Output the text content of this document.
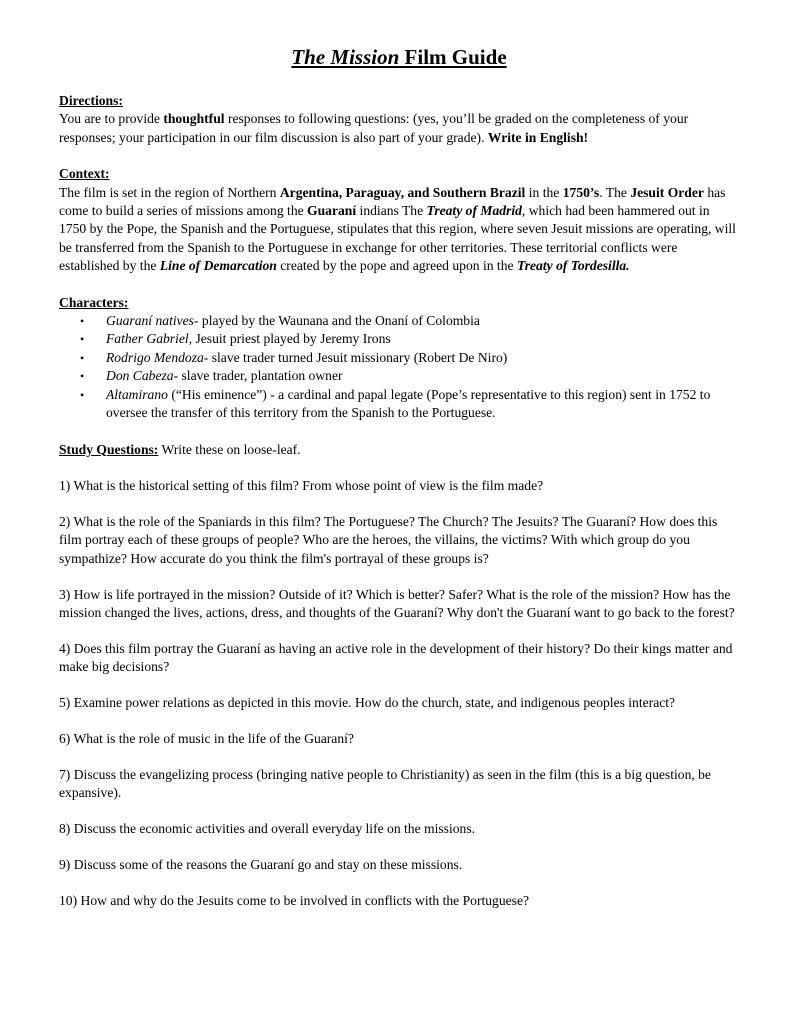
The Mission Film Guide
Directions:

You are to provide thoughtful responses to following questions: (yes, you’ll be graded on the completeness of your responses; your participation in our film discussion is also part of your grade). Write in English!

Context:

The film is set in the region of Northern Argentina, Paraguay, and Southern Brazil in the 1750’s. The Jesuit Order has come to build a series of missions among the Guaraní indians The Treaty of Madrid, which had been hammered out in 1750 by the Pope, the Spanish and the Portuguese, stipulates that this region, where seven Jesuit missions are operating, will be transferred from the Spanish to the Portuguese in exchange for other territories. These territorial conflicts were established by the Line of Demarcation created by the pope and agreed upon in the Treaty of Tordesilla.

Characters:
• Guaraní natives- played by the Waunana and the Onaní of Colombia
• Father Gabriel, Jesuit priest played by Jeremy Irons
• Rodrigo Mendoza- slave trader turned Jesuit missionary (Robert De Niro)
• Don Cabeza- slave trader, plantation owner
• Altamirano (“His eminence”) - a cardinal and papal legate (Pope’s representative to this region) sent in 1752 to oversee the transfer of this territory from the Spanish to the Portuguese.

Study Questions: Write these on loose-leaf.

1) What is the historical setting of this film? From whose point of view is the film made?

2) What is the role of the Spaniards in this film? The Portuguese? The Church? The Jesuits? The Guaraní? How does this film portray each of these groups of people? Who are the heroes, the villains, the victims? With which group do you sympathize? How accurate do you think the film's portrayal of these groups is?

3) How is life portrayed in the mission? Outside of it? Which is better? Safer? What is the role of the mission? How has the mission changed the lives, actions, dress, and thoughts of the Guaraní? Why don't the Guaraní want to go back to the forest?

4) Does this film portray the Guaraní as having an active role in the development of their history? Do their kings matter and make big decisions?

5) Examine power relations as depicted in this movie. How do the church, state, and indigenous peoples interact?

6) What is the role of music in the life of the Guaraní?

7) Discuss the evangelizing process (bringing native people to Christianity) as seen in the film (this is a big question, be expansive).

8) Discuss the economic activities and overall everyday life on the missions.

9) Discuss some of the reasons the Guaraní go and stay on these missions.

10) How and why do the Jesuits come to be involved in conflicts with the Portuguese?
